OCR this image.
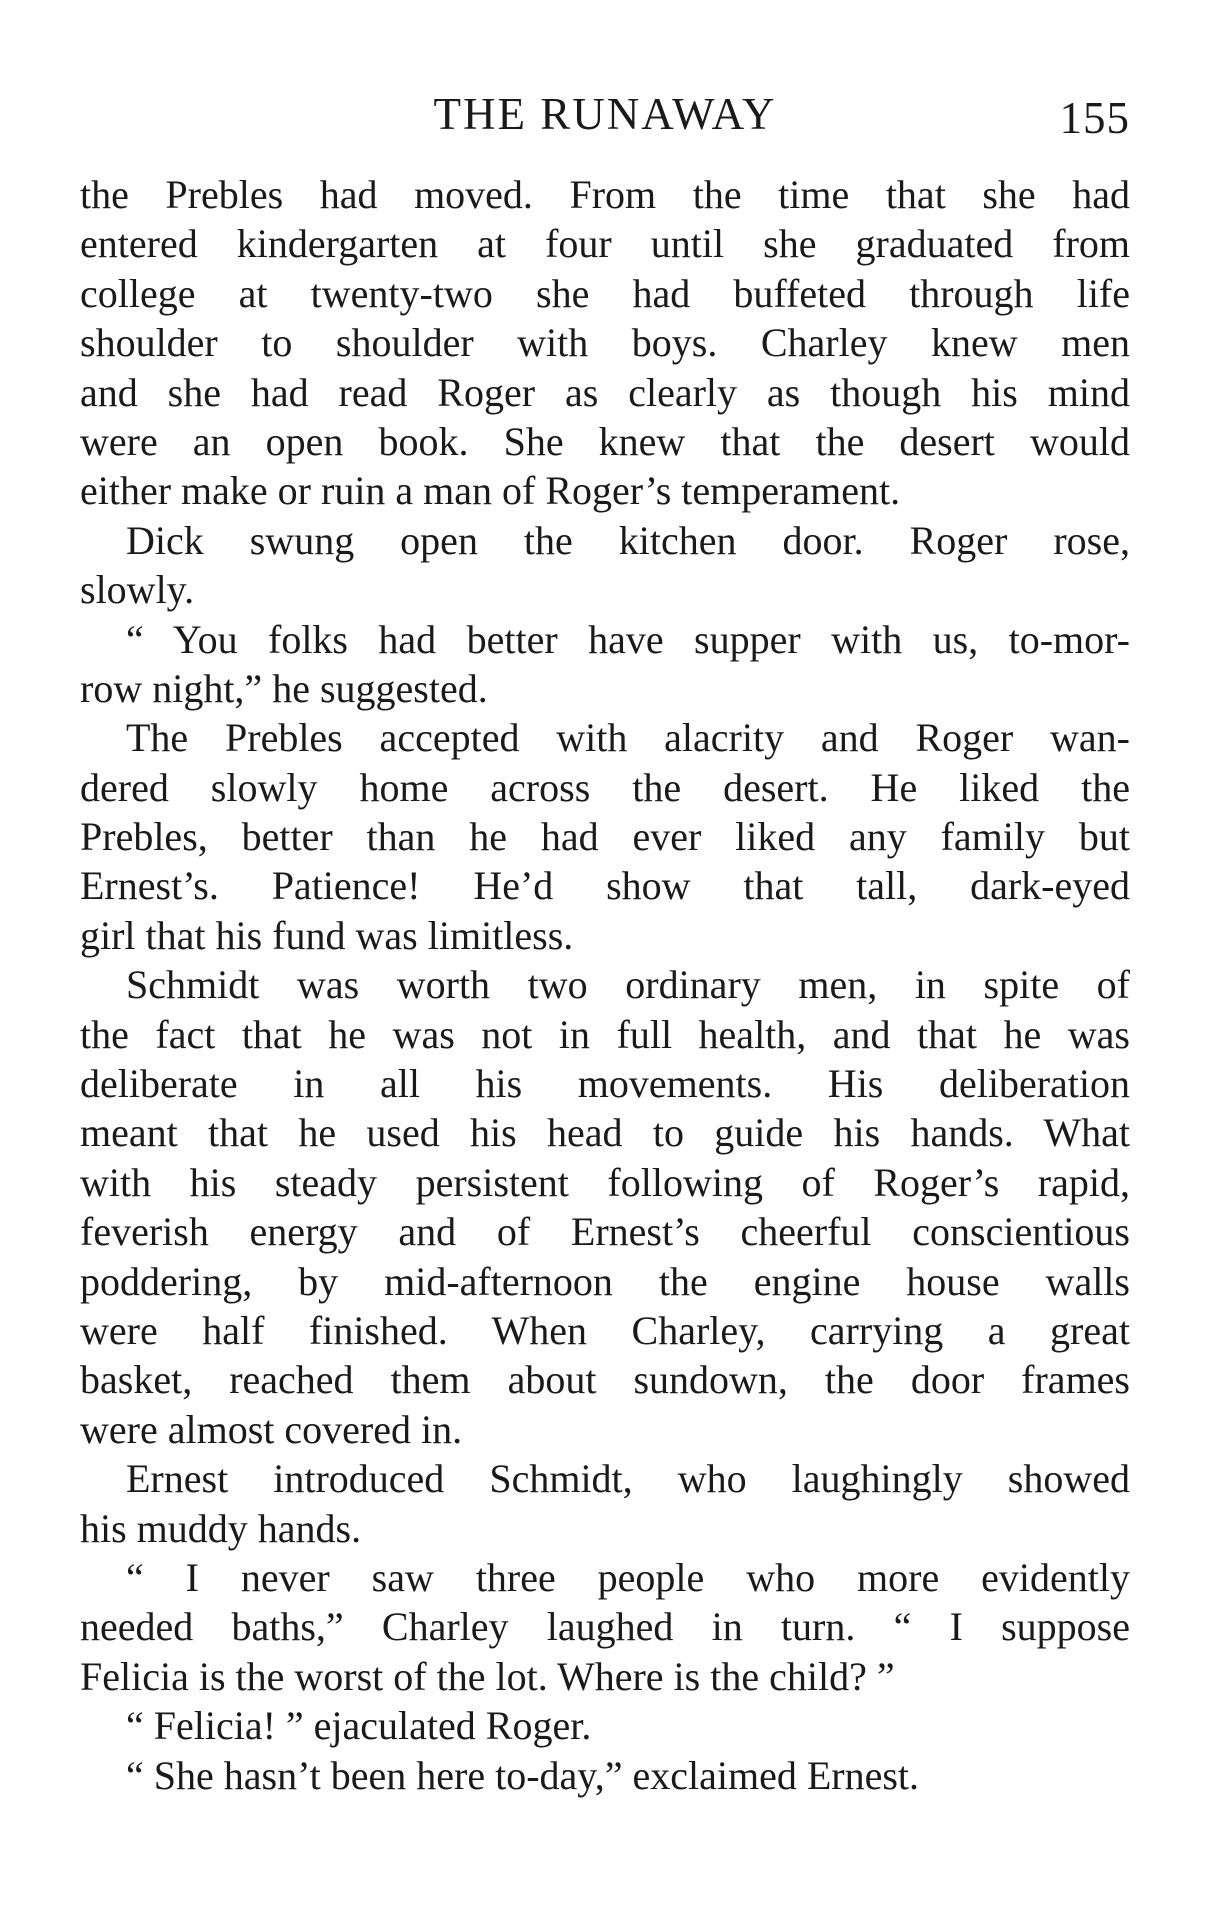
THE RUNAWAY	155
the Prebles had moved. From the time that she had
entered kindergarten at four until she graduated from
college at twenty-two she had buffeted through life
shoulder to shoulder with boys. Charley knew men
and she had read Roger as clearly as though his mind
were an open book. She knew that the desert would
either make or ruin a man of Roger’s temperament.
Dick swung open the kitchen door. Roger rose,
slowly.
“ You folks had better have supper with us, to-mor-
row night,” he suggested.
The Prebles accepted with alacrity and Roger wan-
dered slowly home across the desert. He liked the
Prebles, better than he had ever liked any family but
Ernest’s. Patience! He’d show that tall, dark-eyed
girl that his fund was limitless.
Schmidt was worth two ordinary men, in spite of
the fact that he was not in full health, and that he was
deliberate in all his movements. His deliberation
meant that he used his head to guide his hands. What
with his steady persistent following of Roger’s rapid,
feverish energy and of Ernest’s cheerful conscientious
poddering, by mid-afternoon the engine house walls
were half finished. When Charley, carrying a great
basket, reached them about sundown, the door frames
were almost covered in.
Ernest introduced Schmidt, who laughingly showed
his muddy hands.
“ I never saw three people who more evidently
needed baths,” Charley laughed in turn. “ I suppose
Felicia is the worst of the lot. Where is the child? ”
“ Felicia! ” ejaculated Roger.
“ She hasn’t been here to-day,” exclaimed Ernest.
